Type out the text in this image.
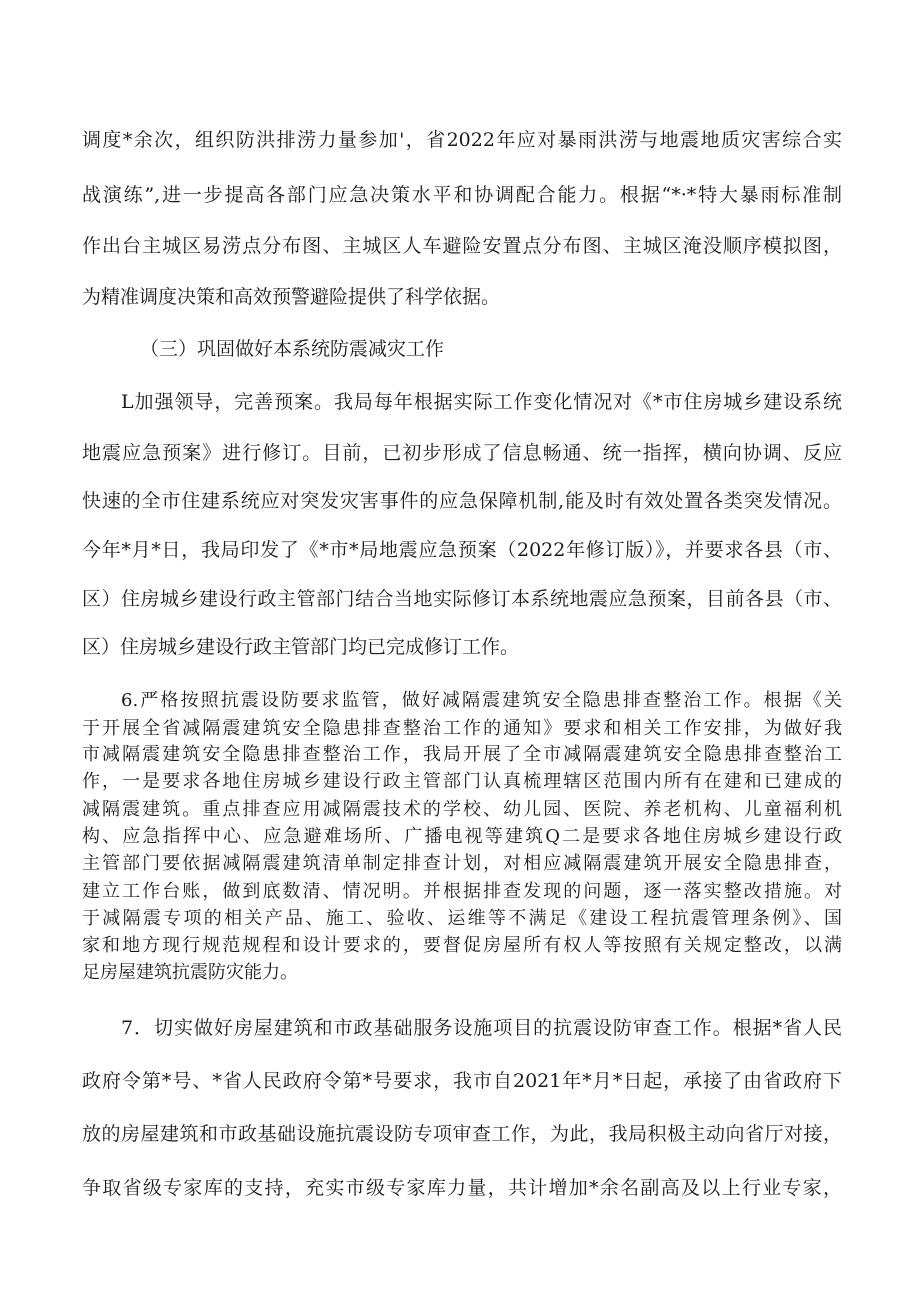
调度*余次，组织防洪排涝力量参加'，省2022年应对暴雨洪涝与地震地质灾害综合实
战演练”,进一步提高各部门应急决策水平和协调配合能力。根据“*·*特大暴雨标准制
作出台主城区易涝点分布图、主城区人车避险安置点分布图、主城区淹没顺序模拟图，
为精准调度决策和高效预警避险提供了科学依据。
（三）巩固做好本系统防震减灾工作
L加强领导，完善预案。我局每年根据实际工作变化情况对《*市住房城乡建设系统
地震应急预案》进行修订。目前，已初步形成了信息畅通、统一指挥，横向协调、反应
快速的全市住建系统应对突发灾害事件的应急保障机制,能及时有效处置各类突发情况。
今年*月*日，我局印发了《*市*局地震应急预案（2022年修订版）》，并要求各县（市、
区）住房城乡建设行政主管部门结合当地实际修订本系统地震应急预案，目前各县（市、
区）住房城乡建设行政主管部门均已完成修订工作。
6.严格按照抗震设防要求监管，做好减隔震建筑安全隐患排查整治工作。根据《关
于开展全省减隔震建筑安全隐患排查整治工作的通知》要求和相关工作安排，为做好我
市减隔震建筑安全隐患排查整治工作，我局开展了全市减隔震建筑安全隐患排查整治工
作，一是要求各地住房城乡建设行政主管部门认真梳理辖区范围内所有在建和已建成的
减隔震建筑。重点排查应用减隔震技术的学校、幼儿园、医院、养老机构、儿童福利机
构、应急指挥中心、应急避难场所、广播电视等建筑Q二是要求各地住房城乡建设行政
主管部门要依据减隔震建筑清单制定排查计划，对相应减隔震建筑开展安全隐患排查，
建立工作台账，做到底数清、情况明。并根据排查发现的问题，逐一落实整改措施。对
于减隔震专项的相关产品、施工、验收、运维等不满足《建设工程抗震管理条例》、国
家和地方现行规范规程和设计要求的，要督促房屋所有权人等按照有关规定整改，以满
足房屋建筑抗震防灾能力。
7．切实做好房屋建筑和市政基础服务设施项目的抗震设防审查工作。根据*省人民
政府令第*号、*省人民政府令第*号要求，我市自2021年*月*日起，承接了由省政府下
放的房屋建筑和市政基础设施抗震设防专项审查工作，为此，我局积极主动向省厅对接，
争取省级专家库的支持，充实市级专家库力量，共计增加*余名副高及以上行业专家，
